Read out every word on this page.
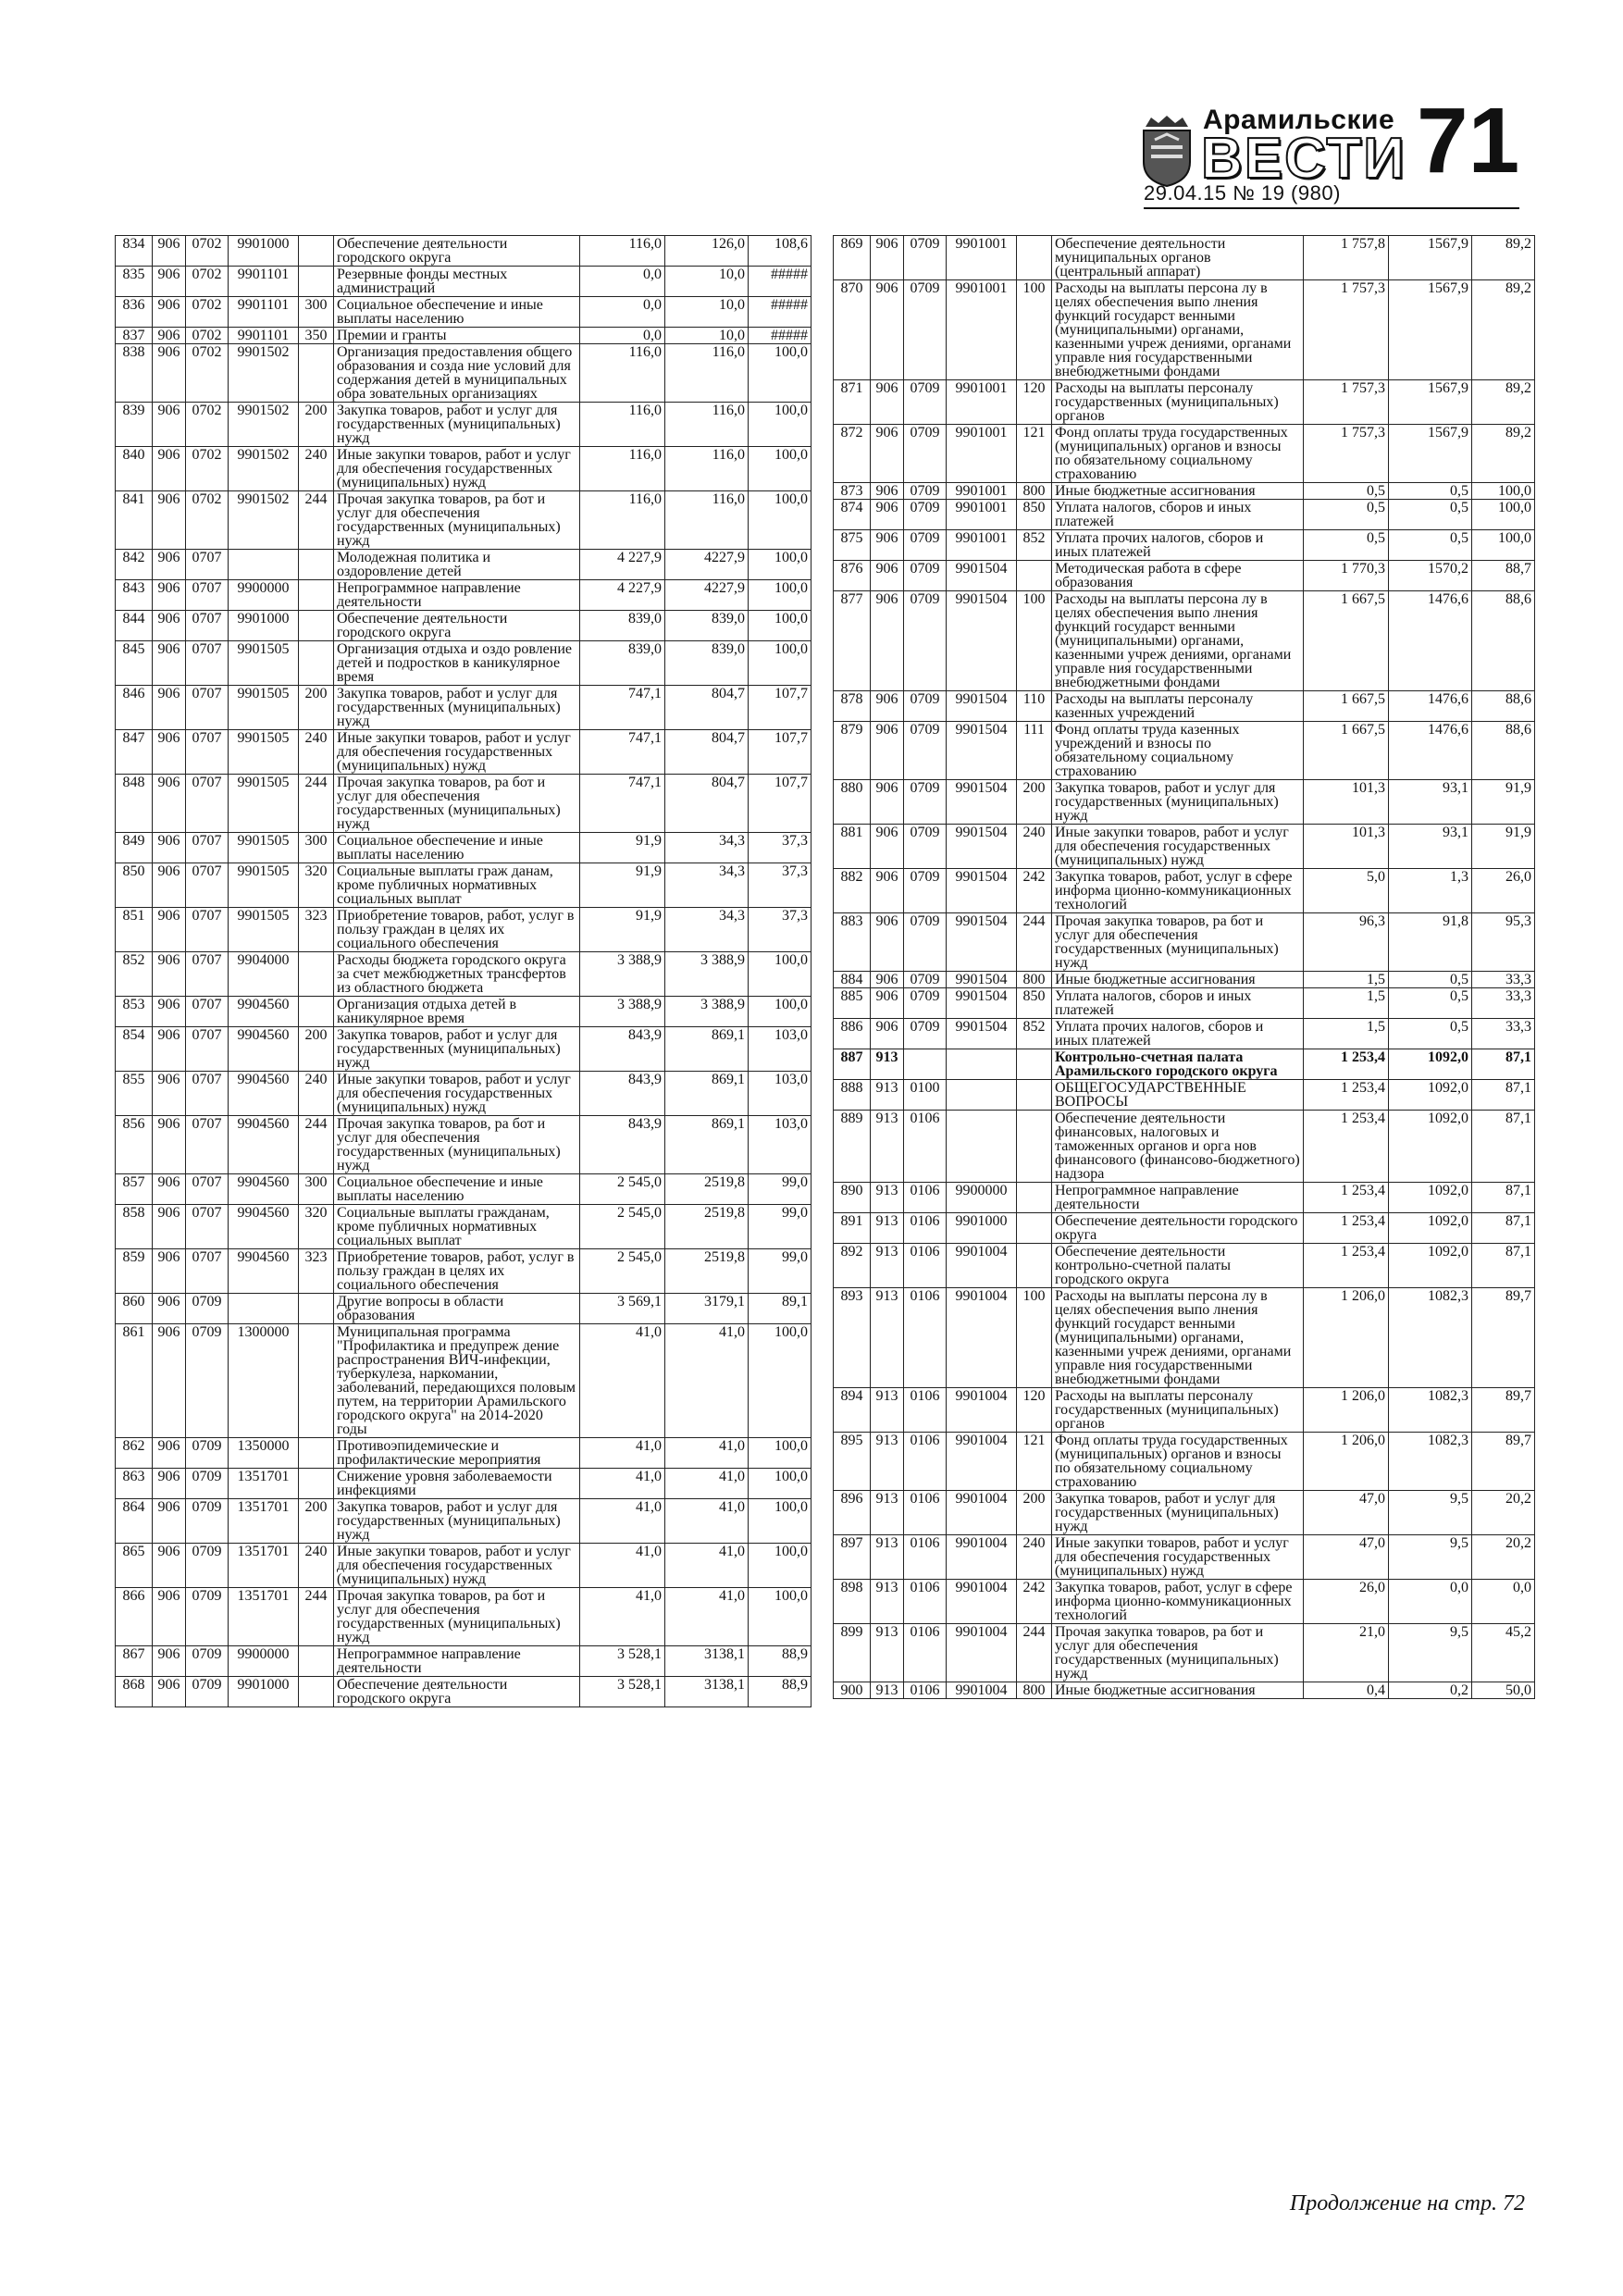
Арамильские
ВЕСТИ 71
29.04.15 № 19 (980)
834	906	0702	9901000		Обеспечение деятельности городского округа	116,0	126,0	108,6
835	906	0702	9901101		Резервные фонды местных администраций	0,0	10,0	#####
836	906	0702	9901101	300	Социальное обеспечение и иные выплаты населению	0,0	10,0	#####
837	906	0702	9901101	350	Премии и гранты	0,0	10,0	#####
838	906	0702	9901502		Организация предоставления общего образования и созда ние условий для содержания детей в муниципальных обра зовательных организациях	116,0	116,0	100,0
839	906	0702	9901502	200	Закупка товаров, работ и услуг для государственных (муниципальных) нужд	116,0	116,0	100,0
840	906	0702	9901502	240	Иные закупки товаров, работ и услуг для обеспечения государственных (муниципальных) нужд	116,0	116,0	100,0
841	906	0702	9901502	244	Прочая закупка товаров, ра бот и услуг для обеспечения государственных (муниципальных) нужд	116,0	116,0	100,0
842	906	0707			Молодежная политика и оздоровление детей	4 227,9	4227,9	100,0
843	906	0707	9900000		Непрограммное направление деятельности	4 227,9	4227,9	100,0
844	906	0707	9901000		Обеспечение деятельности городского округа	839,0	839,0	100,0
845	906	0707	9901505		Организация отдыха и оздо ровление детей и подростков в каникулярное время	839,0	839,0	100,0
846	906	0707	9901505	200	Закупка товаров, работ и услуг для государственных (муниципальных) нужд	747,1	804,7	107,7
847	906	0707	9901505	240	Иные закупки товаров, работ и услуг для обеспечения государственных (муниципальных) нужд	747,1	804,7	107,7
848	906	0707	9901505	244	Прочая закупка товаров, ра бот и услуг для обеспечения государственных (муниципальных) нужд	747,1	804,7	107,7
849	906	0707	9901505	300	Социальное обеспечение и иные выплаты населению	91,9	34,3	37,3
850	906	0707	9901505	320	Социальные выплаты граж данам, кроме публичных нормативных социальных выплат	91,9	34,3	37,3
851	906	0707	9901505	323	Приобретение товаров, работ, услуг в пользу граждан в целях их социального обеспечения	91,9	34,3	37,3
852	906	0707	9904000		Расходы бюджета городского округа за счет межбюджетных трансфертов из областного бюджета	3 388,9	3 388,9	100,0
853	906	0707	9904560		Организация отдыха детей в каникулярное время	3 388,9	3 388,9	100,0
854	906	0707	9904560	200	Закупка товаров, работ и услуг для государственных (муниципальных) нужд	843,9	869,1	103,0
855	906	0707	9904560	240	Иные закупки товаров, работ и услуг для обеспечения государственных (муниципальных) нужд	843,9	869,1	103,0
856	906	0707	9904560	244	Прочая закупка товаров, ра бот и услуг для обеспечения государственных (муниципальных) нужд	843,9	869,1	103,0
857	906	0707	9904560	300	Социальное обеспечение и иные выплаты населению	2 545,0	2519,8	99,0
858	906	0707	9904560	320	Социальные выплаты гражданам, кроме публичных нормативных социальных выплат	2 545,0	2519,8	99,0
859	906	0707	9904560	323	Приобретение товаров, работ, услуг в пользу граждан в целях их социального обеспечения	2 545,0	2519,8	99,0
860	906	0709			Другие вопросы в области образования	3 569,1	3179,1	89,1
861	906	0709	1300000		Муниципальная программа "Профилактика и предупреж дение распространения ВИЧ-инфекции, туберкулеза, наркомании, заболеваний, передающихся половым путем, на территории Арамильского городского округа" на 2014-2020 годы	41,0	41,0	100,0
862	906	0709	1350000		Противоэпидемические и профилактические мероприятия	41,0	41,0	100,0
863	906	0709	1351701		Снижение уровня заболеваемости инфекциями	41,0	41,0	100,0
864	906	0709	1351701	200	Закупка товаров, работ и услуг для государственных (муниципальных) нужд	41,0	41,0	100,0
865	906	0709	1351701	240	Иные закупки товаров, работ и услуг для обеспечения государственных (муниципальных) нужд	41,0	41,0	100,0
866	906	0709	1351701	244	Прочая закупка товаров, ра бот и услуг для обеспечения государственных (муниципальных) нужд	41,0	41,0	100,0
867	906	0709	9900000		Непрограммное направление деятельности	3 528,1	3138,1	88,9
868	906	0709	9901000		Обеспечение деятельности городского округа	3 528,1	3138,1	88,9
869	906	0709	9901001		Обеспечение деятельности муниципальных органов (центральный аппарат)	1 757,8	1567,9	89,2
870	906	0709	9901001	100	Расходы на выплаты персона лу в целях обеспечения выпо лнения функций государст венными (муниципальными) органами, казенными учреж дениями, органами управле ния государственными внебюджетными фондами	1 757,3	1567,9	89,2
871	906	0709	9901001	120	Расходы на выплаты персоналу государственных (муниципальных) органов	1 757,3	1567,9	89,2
872	906	0709	9901001	121	Фонд оплаты труда государственных (муниципальных) органов и взносы по обязательному социальному страхованию	1 757,3	1567,9	89,2
873	906	0709	9901001	800	Иные бюджетные ассигнования	0,5	0,5	100,0
874	906	0709	9901001	850	Уплата налогов, сборов и иных платежей	0,5	0,5	100,0
875	906	0709	9901001	852	Уплата прочих налогов, сборов и иных платежей	0,5	0,5	100,0
876	906	0709	9901504		Методическая работа в сфере образования	1 770,3	1570,2	88,7
877	906	0709	9901504	100	Расходы на выплаты персона лу в целях обеспечения выпо лнения функций государст венными (муниципальными) органами, казенными учреж дениями, органами управле ния государственными внебюджетными фондами	1 667,5	1476,6	88,6
878	906	0709	9901504	110	Расходы на выплаты персоналу казенных учреждений	1 667,5	1476,6	88,6
879	906	0709	9901504	111	Фонд оплаты труда казенных учреждений и взносы по обязательному социальному страхованию	1 667,5	1476,6	88,6
880	906	0709	9901504	200	Закупка товаров, работ и услуг для государственных (муниципальных) нужд	101,3	93,1	91,9
881	906	0709	9901504	240	Иные закупки товаров, работ и услуг для обеспечения государственных (муниципальных) нужд	101,3	93,1	91,9
882	906	0709	9901504	242	Закупка товаров, работ, услуг в сфере информа ционно-коммуникационных технологий	5,0	1,3	26,0
883	906	0709	9901504	244	Прочая закупка товаров, ра бот и услуг для обеспечения государственных (муниципальных) нужд	96,3	91,8	95,3
884	906	0709	9901504	800	Иные бюджетные ассигнования	1,5	0,5	33,3
885	906	0709	9901504	850	Уплата налогов, сборов и иных платежей	1,5	0,5	33,3
886	906	0709	9901504	852	Уплата прочих налогов, сборов и иных платежей	1,5	0,5	33,3
887	913				Контрольно-счетная палата Арамильского городского округа	1 253,4	1092,0	87,1
888	913	0100			ОБЩЕГОСУДАРСТВЕННЫЕ ВОПРОСЫ	1 253,4	1092,0	87,1
889	913	0106			Обеспечение деятельности финансовых, налоговых и таможенных органов и орга нов финансового (финансово-бюджетного) надзора	1 253,4	1092,0	87,1
890	913	0106	9900000		Непрограммное направление деятельности	1 253,4	1092,0	87,1
891	913	0106	9901000		Обеспечение деятельности городского округа	1 253,4	1092,0	87,1
892	913	0106	9901004		Обеспечение деятельности контрольно-счетной палаты городского округа	1 253,4	1092,0	87,1
893	913	0106	9901004	100	Расходы на выплаты персона лу в целях обеспечения выпо лнения функций государст венными (муниципальными) органами, казенными учреж дениями, органами управле ния государственными внебюджетными фондами	1 206,0	1082,3	89,7
894	913	0106	9901004	120	Расходы на выплаты персоналу государственных (муниципальных) органов	1 206,0	1082,3	89,7
895	913	0106	9901004	121	Фонд оплаты труда государственных (муниципальных) органов и взносы по обязательному социальному страхованию	1 206,0	1082,3	89,7
896	913	0106	9901004	200	Закупка товаров, работ и услуг для государственных (муниципальных) нужд	47,0	9,5	20,2
897	913	0106	9901004	240	Иные закупки товаров, работ и услуг для обеспечения государственных (муниципальных) нужд	47,0	9,5	20,2
898	913	0106	9901004	242	Закупка товаров, работ, услуг в сфере информа ционно-коммуникационных технологий	26,0	0,0	0,0
899	913	0106	9901004	244	Прочая закупка товаров, ра бот и услуг для обеспечения государственных (муниципальных) нужд	21,0	9,5	45,2
900	913	0106	9901004	800	Иные бюджетные ассигнования	0,4	0,2	50,0
Продолжение на стр. 72
